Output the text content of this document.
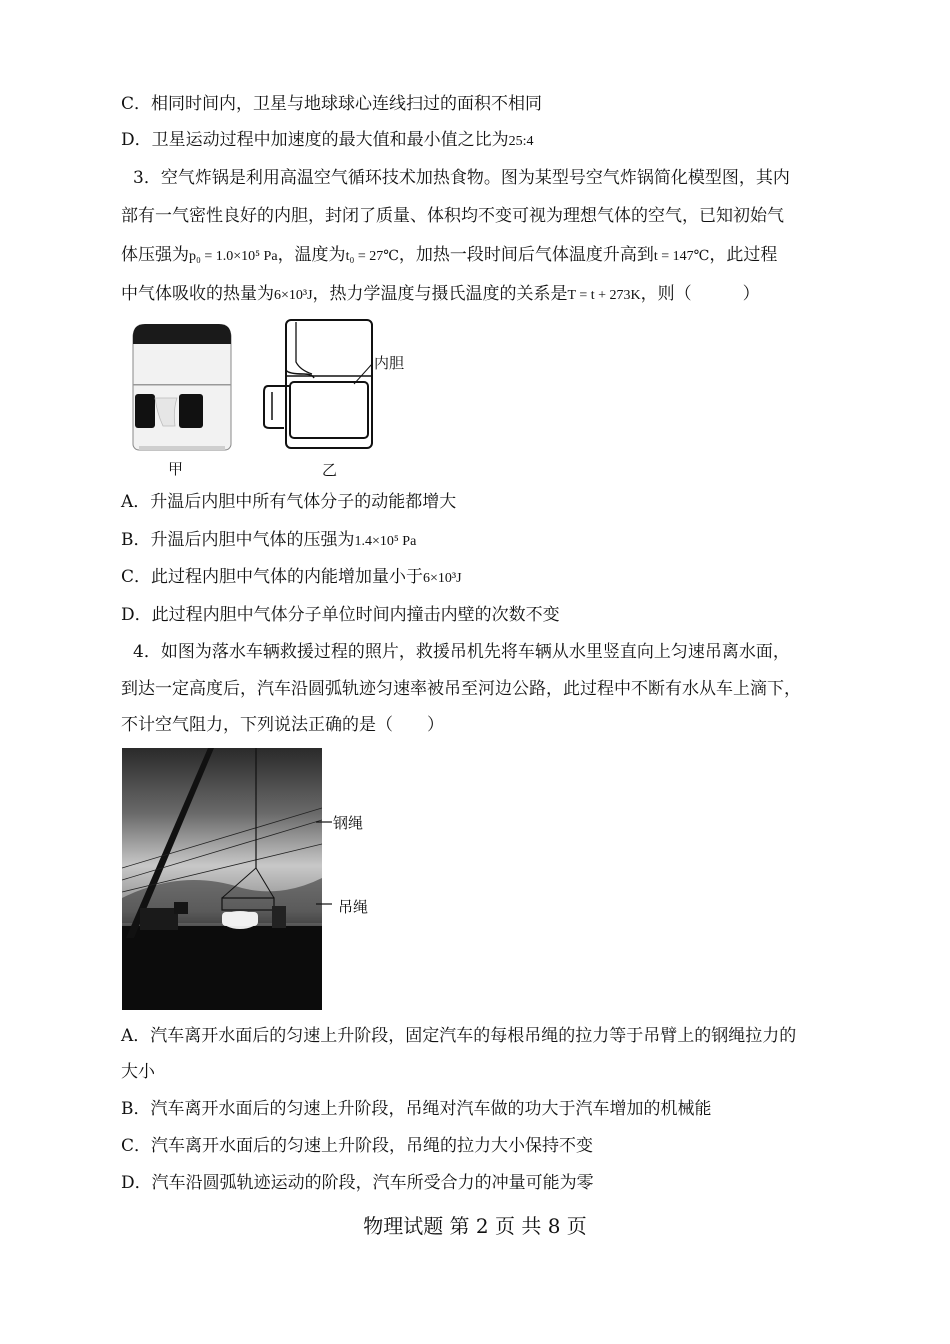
C．相同时间内，卫星与地球球心连线扫过的面积不相同
D．卫星运动过程中加速度的最大值和最小值之比为25:4
3．空气炸锅是利用高温空气循环技术加热食物。图为某型号空气炸锅简化模型图，其内
部有一气密性良好的内胆，封闭了质量、体积均不变可视为理想气体的空气，已知初始气
体压强为p₀ = 1.0×10⁵ Pa，温度为t₀ = 27℃，加热一段时间后气体温度升高到t = 147℃，此过程
中气体吸收的热量为6×10³J，热力学温度与摄氏温度的关系是T = t + 273K，则（　　　）
甲
内胆
乙
A．升温后内胆中所有气体分子的动能都增大
B．升温后内胆中气体的压强为1.4×10⁵ Pa
C．此过程内胆中气体的内能增加量小于6×10³J
D．此过程内胆中气体分子单位时间内撞击内壁的次数不变
4．如图为落水车辆救援过程的照片，救援吊机先将车辆从水里竖直向上匀速吊离水面，
到达一定高度后，汽车沿圆弧轨迹匀速率被吊至河边公路，此过程中不断有水从车上滴下，
不计空气阻力，下列说法正确的是（　　）
钢绳
吊绳
A．汽车离开水面后的匀速上升阶段，固定汽车的每根吊绳的拉力等于吊臂上的钢绳拉力的
大小
B．汽车离开水面后的匀速上升阶段，吊绳对汽车做的功大于汽车增加的机械能
C．汽车离开水面后的匀速上升阶段，吊绳的拉力大小保持不变
D．汽车沿圆弧轨迹运动的阶段，汽车所受合力的冲量可能为零
物理试题 第 2 页 共 8 页
